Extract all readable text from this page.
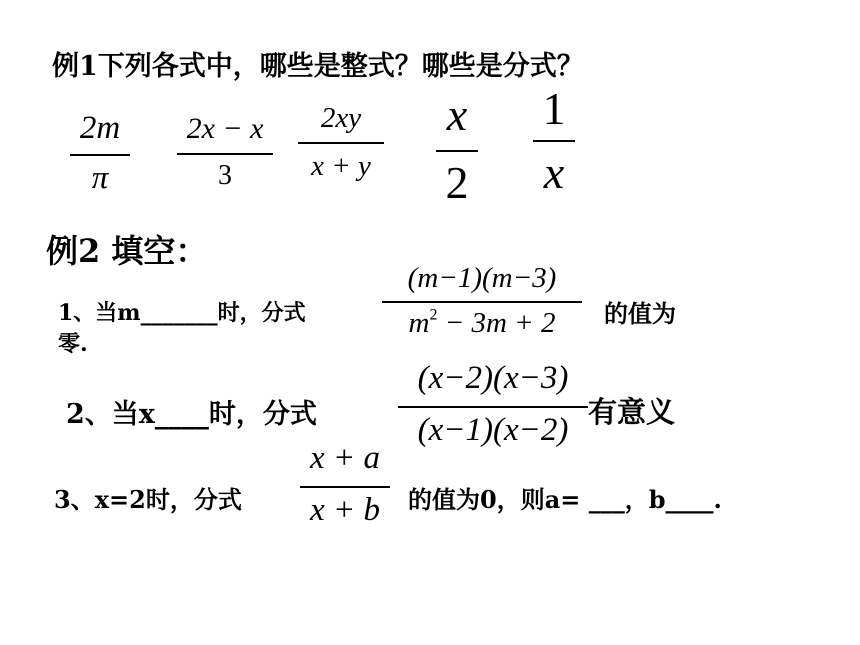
例1下列各式中，哪些是整式？哪些是分式？
2m
π
2x − x
3
2xy
x + y
x
2
1
x
例2 填空：
1、当m_______时，分式
(m−1)(m−3)
$m^2 - 3m + 2$	的值为
零.
2、当x____时，分式
(x−2)(x−3)
(x−1)(x−2) 有意义
3、x=2时，分式
x + a
x + b	的值为0，则a= ___，b____.
